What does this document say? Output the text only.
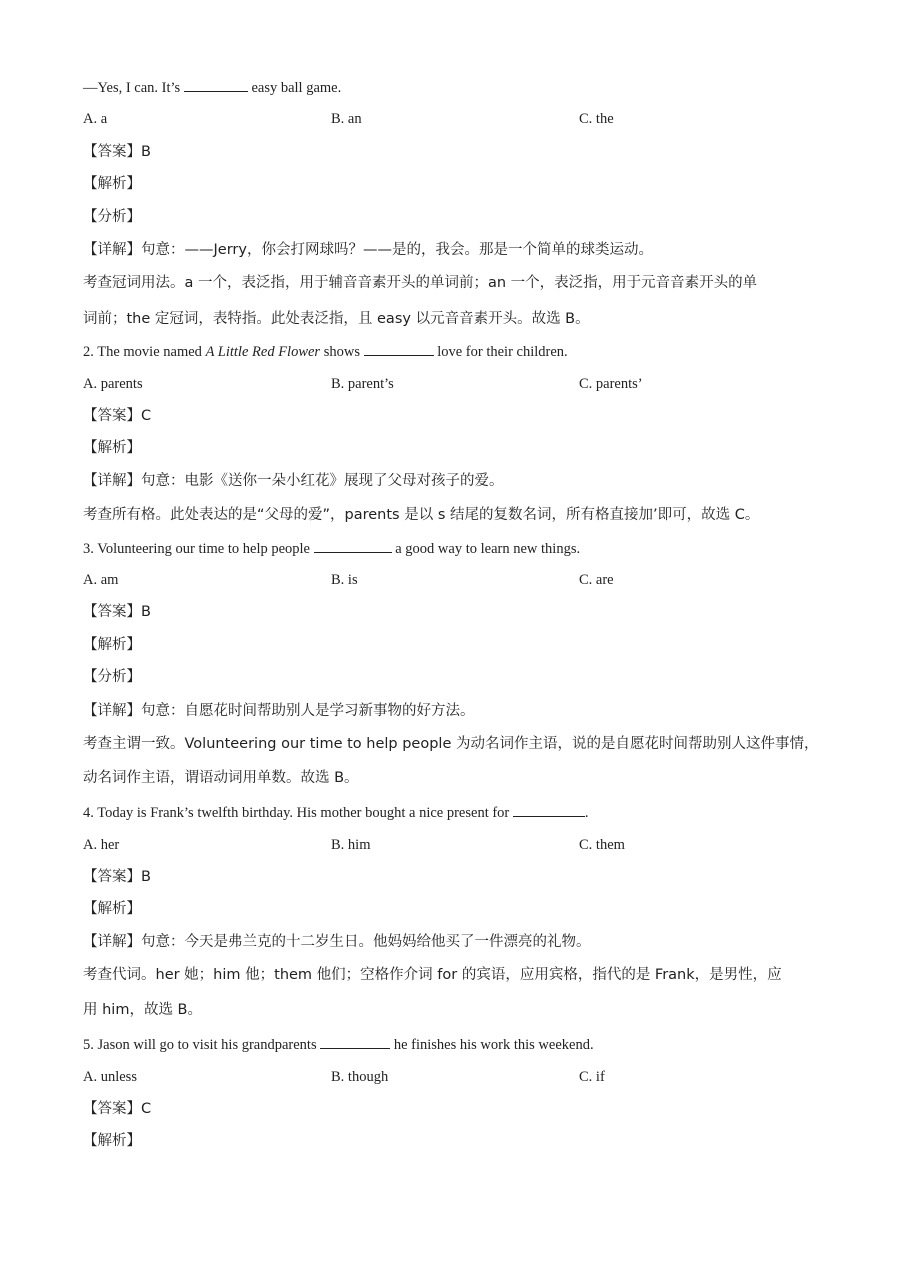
—Yes, I can. It’s	easy ball game.
A. a	B. an	C. the
【答案】B
【解析】
【分析】
【详解】句意：——Jerry，你会打网球吗？——是的，我会。那是一个简单的球类运动。
考查冠词用法。a 一个，表泛指，用于辅音音素开头的单词前；an 一个，表泛指，用于元音音素开头的单
词前；the 定冠词，表特指。此处表泛指，且 easy 以元音音素开头。故选 B。
2. The movie named A Little Red Flower shows	love for their children.
A. parents	B. parent’s	C. parents’
【答案】C
【解析】
【详解】句意：电影《送你一朵小红花》展现了父母对孩子的爱。
考查所有格。此处表达的是“父母的爱”，parents 是以 s 结尾的复数名词，所有格直接加’即可，故选 C。
3. Volunteering our time to help people	a good way to learn new things.
A. am	B. is	C. are
【答案】B
【解析】
【分析】
【详解】句意：自愿花时间帮助别人是学习新事物的好方法。
考查主谓一致。Volunteering our time to help people 为动名词作主语，说的是自愿花时间帮助别人这件事情，
动名词作主语，谓语动词用单数。故选 B。
4. Today is Frank’s twelfth birthday. His mother bought a nice present for	.
A. her	B. him	C. them
【答案】B
【解析】
【详解】句意：今天是弗兰克的十二岁生日。他妈妈给他买了一件漂亮的礼物。
考查代词。her 她；him 他；them 他们；空格作介词 for 的宾语，应用宾格，指代的是 Frank，是男性，应
用 him，故选 B。
5. Jason will go to visit his grandparents	he finishes his work this weekend.
A. unless	B. though	C. if
【答案】C
【解析】
